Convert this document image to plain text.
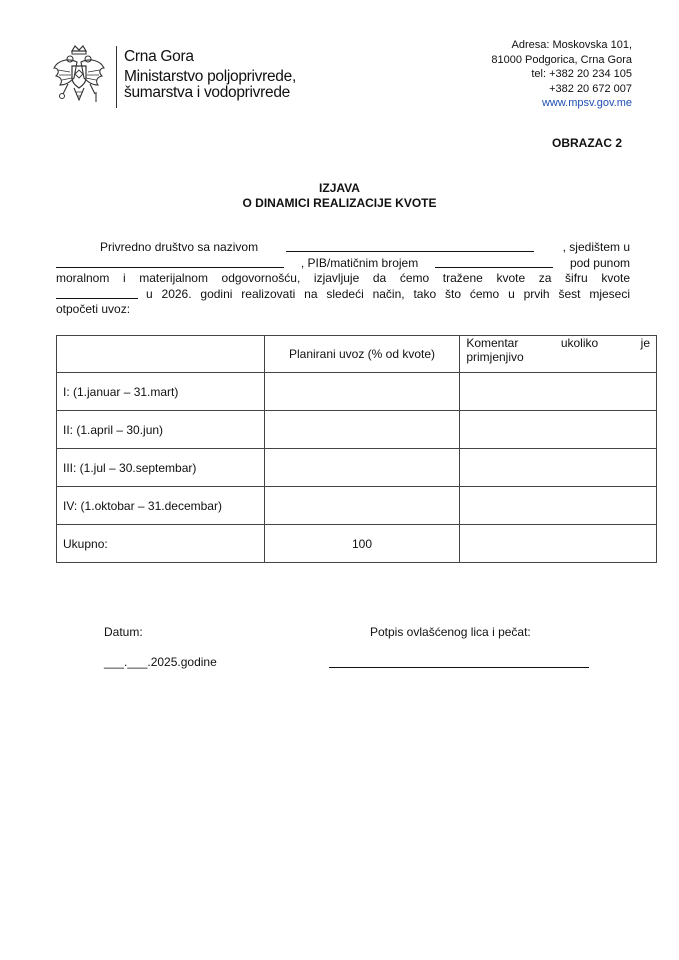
Crna Gora
Ministarstvo poljoprivrede,
šumarstva i vodoprivrede
Adresa: Moskovska 101,
81000 Podgorica, Crna Gora
tel: +382 20 234 105
+382 20 672 007
www.mpsv.gov.me
OBRAZAC 2
IZJAVA
O DINAMICI REALIZACIJE KVOTE
Privredno društvo sa nazivom	, sjedištem u
, PIB/matičnim brojem	pod punom
moralnom i materijalnom odgovornošću, izjavljuje da ćemo tražene kvote za šifru kvote
u 2026. godini realizovati na sledeći način, tako što ćemo u prvih šest mjeseci
otpočeti uvoz:
	Planirani uvoz (% od kvote)	Komentar ukoliko je
primjenjivo

I: (1.januar – 31.mart)		
II: (1.april – 30.jun)		
III: (1.jul – 30.septembar)		
IV: (1.oktobar – 31.decembar)		
Ukupno:	100	
Datum:	Potpis ovlašćenog lica i pečat:
___.___.2025.godine
